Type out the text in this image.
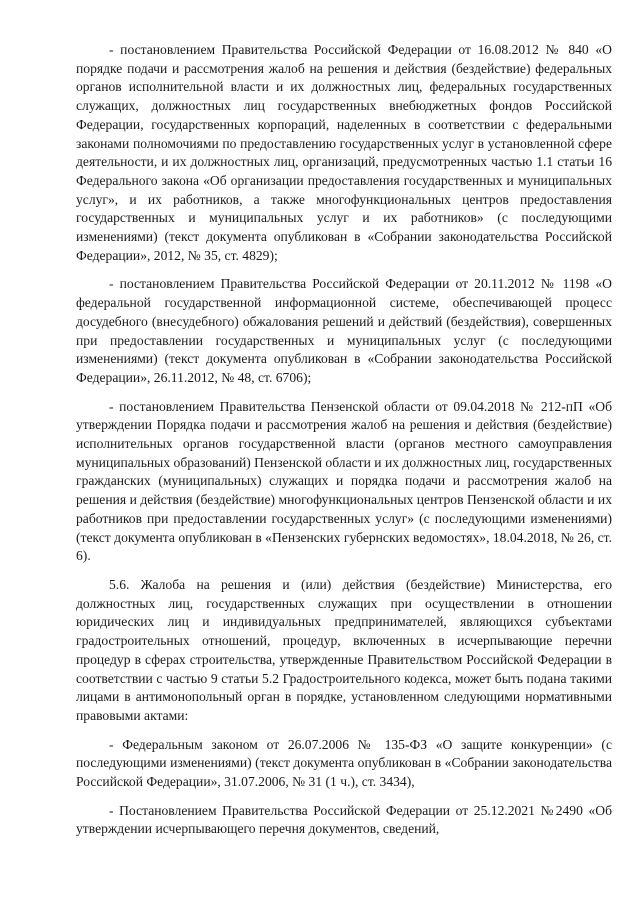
- постановлением Правительства Российской Федерации от 16.08.2012 № 840 «О порядке подачи и рассмотрения жалоб на решения и действия (бездействие) федеральных органов исполнительной власти и их должностных лиц, федеральных государственных служащих, должностных лиц государственных внебюджетных фондов Российской Федерации, государственных корпораций, наделенных в соответствии с федеральными законами полномочиями по предоставлению государственных услуг в установленной сфере деятельности, и их должностных лиц, организаций, предусмотренных частью 1.1 статьи 16 Федерального закона «Об организации предоставления государственных и муниципальных услуг», и их работников, а также многофункциональных центров предоставления государственных и муниципальных услуг и их работников» (с последующими изменениями) (текст документа опубликован в «Собрании законодательства Российской Федерации», 2012, № 35, ст. 4829);

- постановлением Правительства Российской Федерации от 20.11.2012 № 1198 «О федеральной государственной информационной системе, обеспечивающей процесс досудебного (внесудебного) обжалования решений и действий (бездействия), совершенных при предоставлении государственных и муниципальных услуг (с последующими изменениями) (текст документа опубликован в «Собрании законодательства Российской Федерации», 26.11.2012, № 48, ст. 6706);

- постановлением Правительства Пензенской области от 09.04.2018 № 212-пП «Об утверждении Порядка подачи и рассмотрения жалоб на решения и действия (бездействие) исполнительных органов государственной власти (органов местного самоуправления муниципальных образований) Пензенской области и их должностных лиц, государственных гражданских (муниципальных) служащих и порядка подачи и рассмотрения жалоб на решения и действия (бездействие) многофункциональных центров Пензенской области и их работников при предоставлении государственных услуг» (с последующими изменениями) (текст документа опубликован в «Пензенских губернских ведомостях», 18.04.2018, № 26, ст. 6).

5.6. Жалоба на решения и (или) действия (бездействие) Министерства, его должностных лиц, государственных служащих при осуществлении в отношении юридических лиц и индивидуальных предпринимателей, являющихся субъектами градостроительных отношений, процедур, включенных в исчерпывающие перечни процедур в сферах строительства, утвержденные Правительством Российской Федерации в соответствии с частью 9 статьи 5.2 Градостроительного кодекса, может быть подана такими лицами в антимонопольный орган в порядке, установленном следующими нормативными правовыми актами:

- Федеральным законом от 26.07.2006 № 135-ФЗ «О защите конкуренции» (с последующими изменениями) (текст документа опубликован в «Собрании законодательства Российской Федерации», 31.07.2006, № 31 (1 ч.), ст. 3434),

- Постановлением Правительства Российской Федерации от 25.12.2021 №2490 «Об утверждении исчерпывающего перечня документов, сведений,
